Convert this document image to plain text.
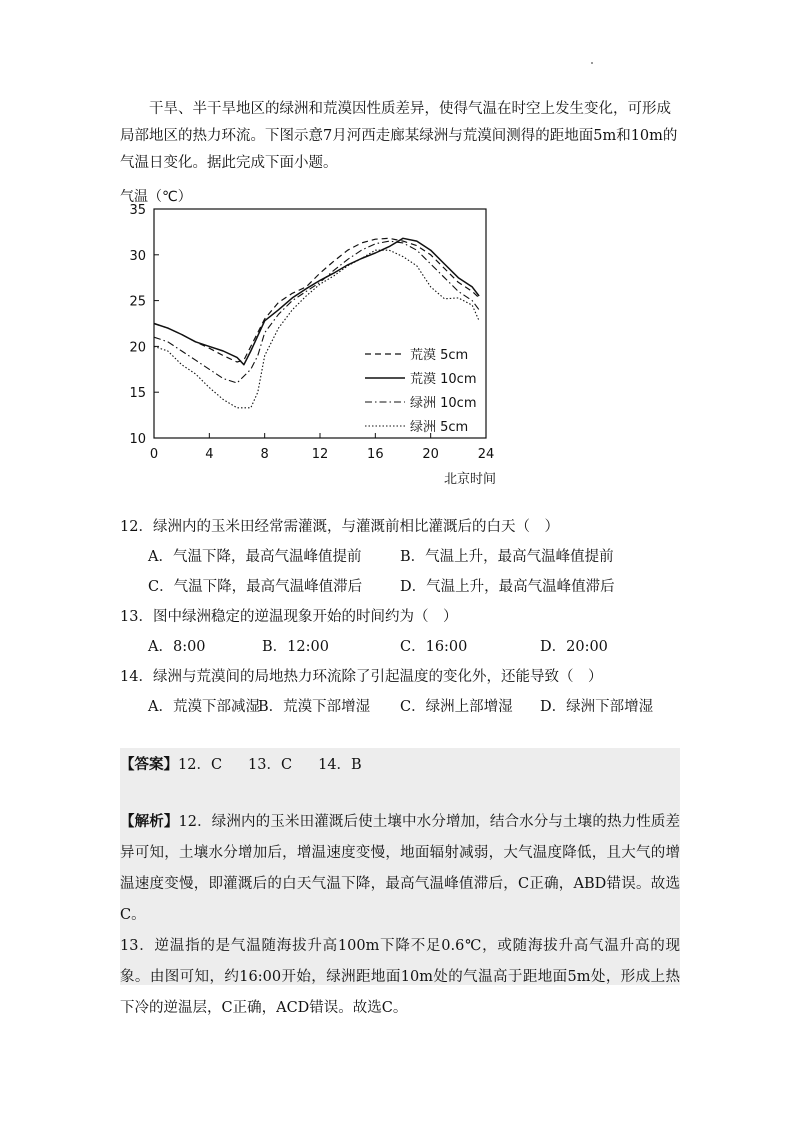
干旱、半干旱地区的绿洲和荒漠因性质差异，使得气温在时空上发生变化，可形成局部地区的热力环流。下图示意7月河西走廊某绿洲与荒漠间测得的距地面5m和10m的气温日变化。据此完成下面小题。

气温（℃）
0	4	8	12	16	20	24
10
15
20
25
30
35
荒漠 5cm
荒漠 10cm
绿洲 10cm
绿洲 5cm
北京时间

12．绿洲内的玉米田经常需灌溉，与灌溉前相比灌溉后的白天（　）

A．气温下降，最高气温峰值提前	B．气温上升，最高气温峰值提前
C．气温下降，最高气温峰值滞后	D．气温上升，最高气温峰值滞后

13．图中绿洲稳定的逆温现象开始的时间约为（　）

A．8:00	B．12:00	C．16:00	D．20:00

14．绿洲与荒漠间的局地热力环流除了引起温度的变化外，还能导致（　）

A．荒漠下部减湿
B．荒漠下部增湿 C．绿洲上部增湿 D．绿洲下部增湿
【答案】12．C 13．C 14．B

【解析】12．绿洲内的玉米田灌溉后使土壤中水分增加，结合水分与土壤的热力性质差异可知，土壤水分增加后，增温速度变慢，地面辐射减弱，大气温度降低，且大气的增温速度变慢，即灌溉后的白天气温下降，最高气温峰值滞后，C正确，ABD错误。故选C。

13．逆温指的是气温随海拔升高100m下降不足0.6℃，或随海拔升高气温升高的现象。由图可知，约16:00开始，绿洲距地面10m处的气温高于距地面5m处，形成上热下冷的逆温层，C正确，ACD错误。故选C。
